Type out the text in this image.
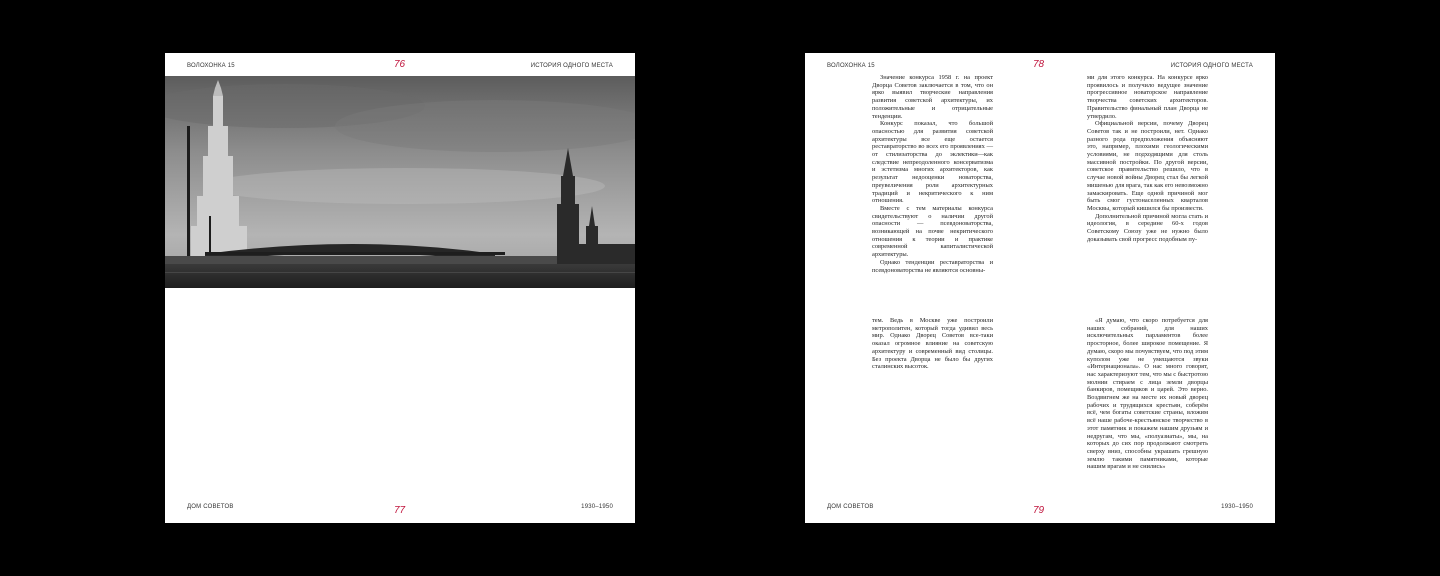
ВОЛОХОНКА 15	76	ИСТОРИЯ ОДНОГО МЕСТА
ДОМ СОВЕТОВ	77	1930–1950
ВОЛОХОНКА 15	78	ИСТОРИЯ ОДНОГО МЕСТА

Значение конкурса 1958 г. на проект Дворца Советов заключается в том, что он ярко выявил творческие направления развития советской архитектуры, их положительные и отрицательные тенденции.

Конкурс показал, что большой опасностью для развития советской архитектуры все еще остается реставраторство во всех его проявлениях — от стилизаторства до эклектики—как следствие непреодоленного консерватизма и эстетизма многих архитекторов, как результат недооценки новаторства, преувеличения роли архитектурных традиций и некритического к ним отношения.

Вместе с тем материалы конкурса свидетельствуют о наличии другой опасности — псевдоноваторства, возникающей на почве некритического отношения к теории и практике современной капиталистической архитектуры.

Однако тенденции реставраторства и псевдоноваторства не являются основны-

ми для этого конкурса. На конкурсе ярко проявилось и получило ведущее значение прогрессивное новаторское направление творчества советских архитекторов. Правительство финальный план Дворца не утвердило.

Официальной версии, почему Дворец Советов так и не построили, нет. Однако разного рода предположения объясняют это, например, плохими геологическими условиями, не подходящими для столь массивной постройки. По другой версии, советское правительство решило, что в случае новой войны Дворец стал бы легкой мишенью для врага, так как его невозможно замаскировать. Еще одной причиной мог быть смог густонаселенных кварталов Москвы, который кишился бы произвести.

Дополнительной причиной могла стать и идеология, в середине 60-х годов Советскому Союзу уже не нужно было доказывать свой прогресс подобным пу-

тем. Ведь в Москве уже построили метрополитен, который тогда удивил весь мир. Однако Дворец Советов все-таки оказал огромное влияние на советскую архитектуру и современный вид столицы. Без проекта Дворца не было бы других сталинских высоток.

«Я думаю, что скоро потребуется для наших собраний, для наших исключительных парламентов более просторное, более широкое помещение. Я думаю, скоро мы почувствуем, что под этим куполом уже не умещаются звуки «Интернационала». О нас много говорят, нас характеризуют тем, что мы с быстротою молнии стираем с лица земли дворцы банкиров, помещиков и царей. Это верно. Воздвигнем же на месте их новый дворец рабочих и трудящихся крестьян, соберём всё, чем богаты советские страны, вложим всё наше рабоче-крестьянское творчество в этот памятник и покажем нашим друзьям и недругам, что мы, «полуазиаты», мы, на которых до сих пор продолжают смотреть сверху вниз, способны украшать грешную землю такими памятниками, которые нашим врагам и не снились»

ДОМ СОВЕТОВ	79	1930–1950
